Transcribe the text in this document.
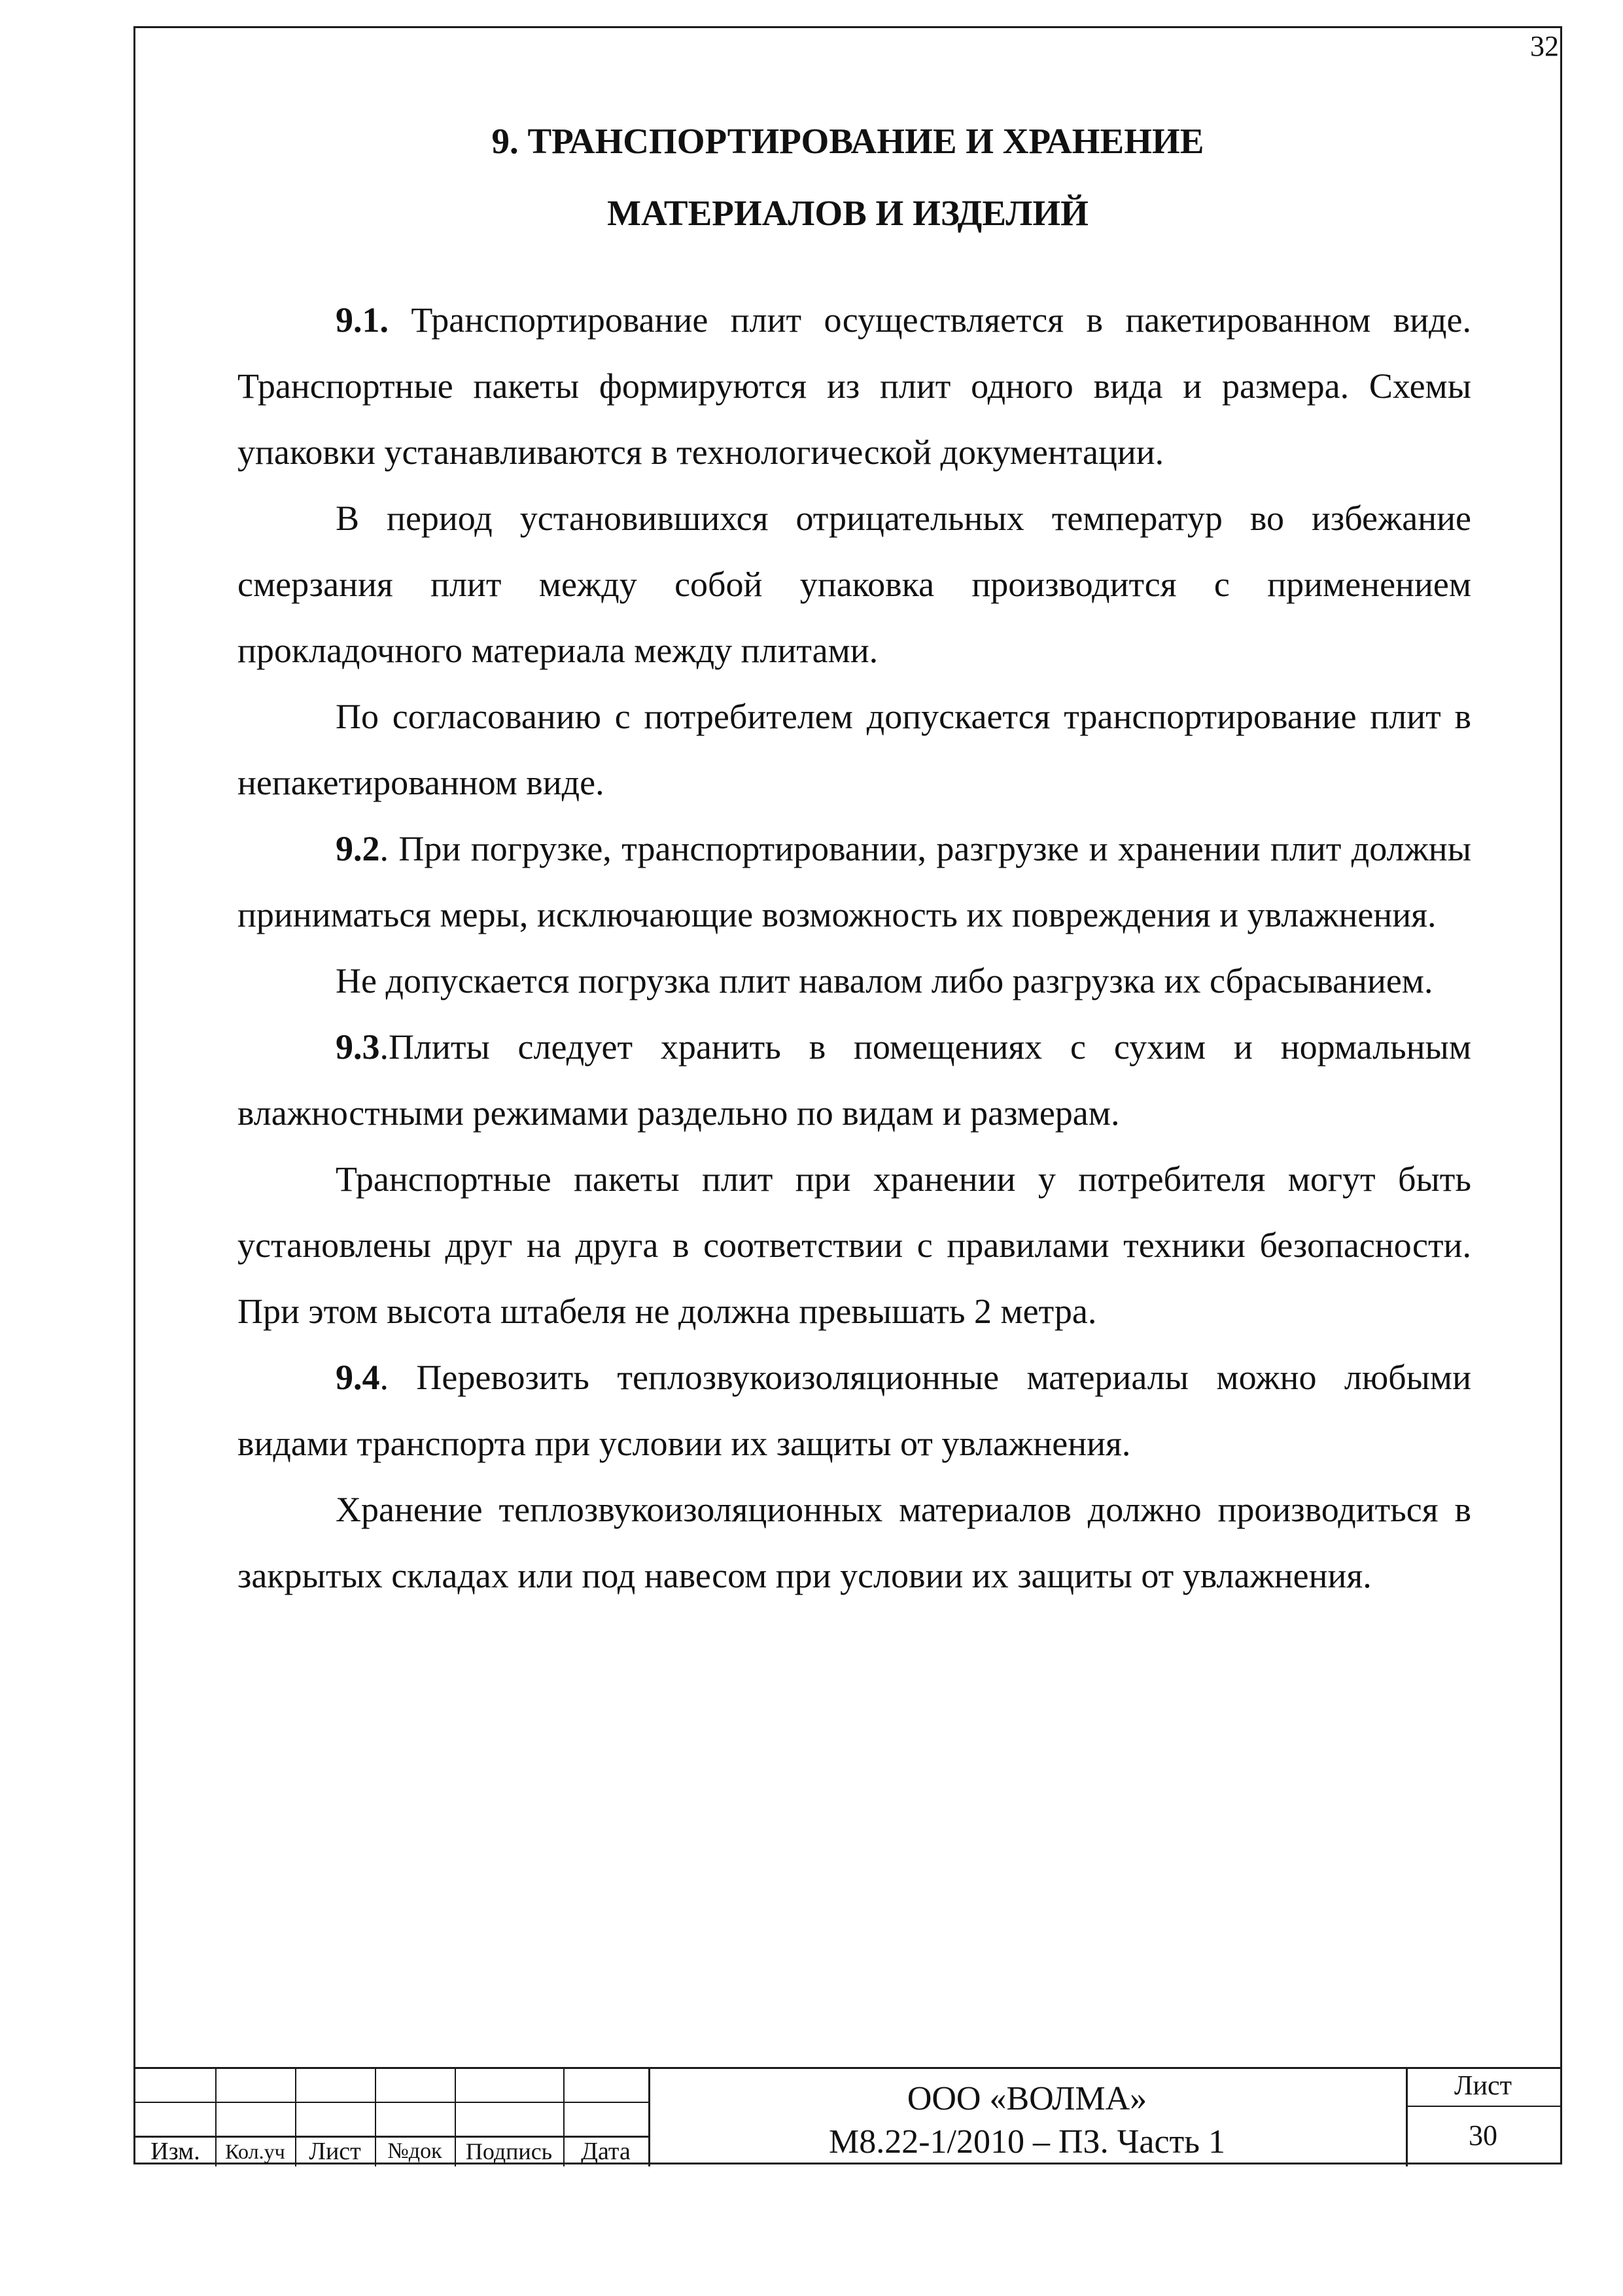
32
9. ТРАНСПОРТИРОВАНИЕ И ХРАНЕНИЕ
МАТЕРИАЛОВ И ИЗДЕЛИЙ

9.1. Транспортирование плит осуществляется в пакетированном виде. Транспортные пакеты формируются из плит одного вида и размера. Схемы упаковки устанавливаются в технологической документации.

В период установившихся отрицательных температур во избежание смерзания плит между собой упаковка производится с применением прокладочного материала между плитами.

По согласованию с потребителем допускается транспортирование плит в непакетированном виде.

9.2. При погрузке, транспортировании, разгрузке и хранении плит должны приниматься меры, исключающие возможность их повреждения и увлажнения.

Не допускается погрузка плит навалом либо разгрузка их сбрасыванием.

9.3.Плиты следует хранить в помещениях с сухим и нормальным влажностными режимами раздельно по видам и размерам.

Транспортные пакеты плит при хранении у потребителя могут быть установлены друг на друга в соответствии с правилами техники безопасности. При этом высота штабеля не должна превышать 2 метра.

9.4. Перевозить теплозвукоизоляционные материалы можно любыми видами транспорта при условии их защиты от увлажнения.

Хранение теплозвукоизоляционных материалов должно производиться в закрытых складах или под навесом при условии их защиты от увлажнения.

Изм.	Кол.уч Лист	№док	Подпись	Дата
ООО «ВОЛМА»
М8.22-1/2010 – ПЗ. Часть 1
Лист
30
